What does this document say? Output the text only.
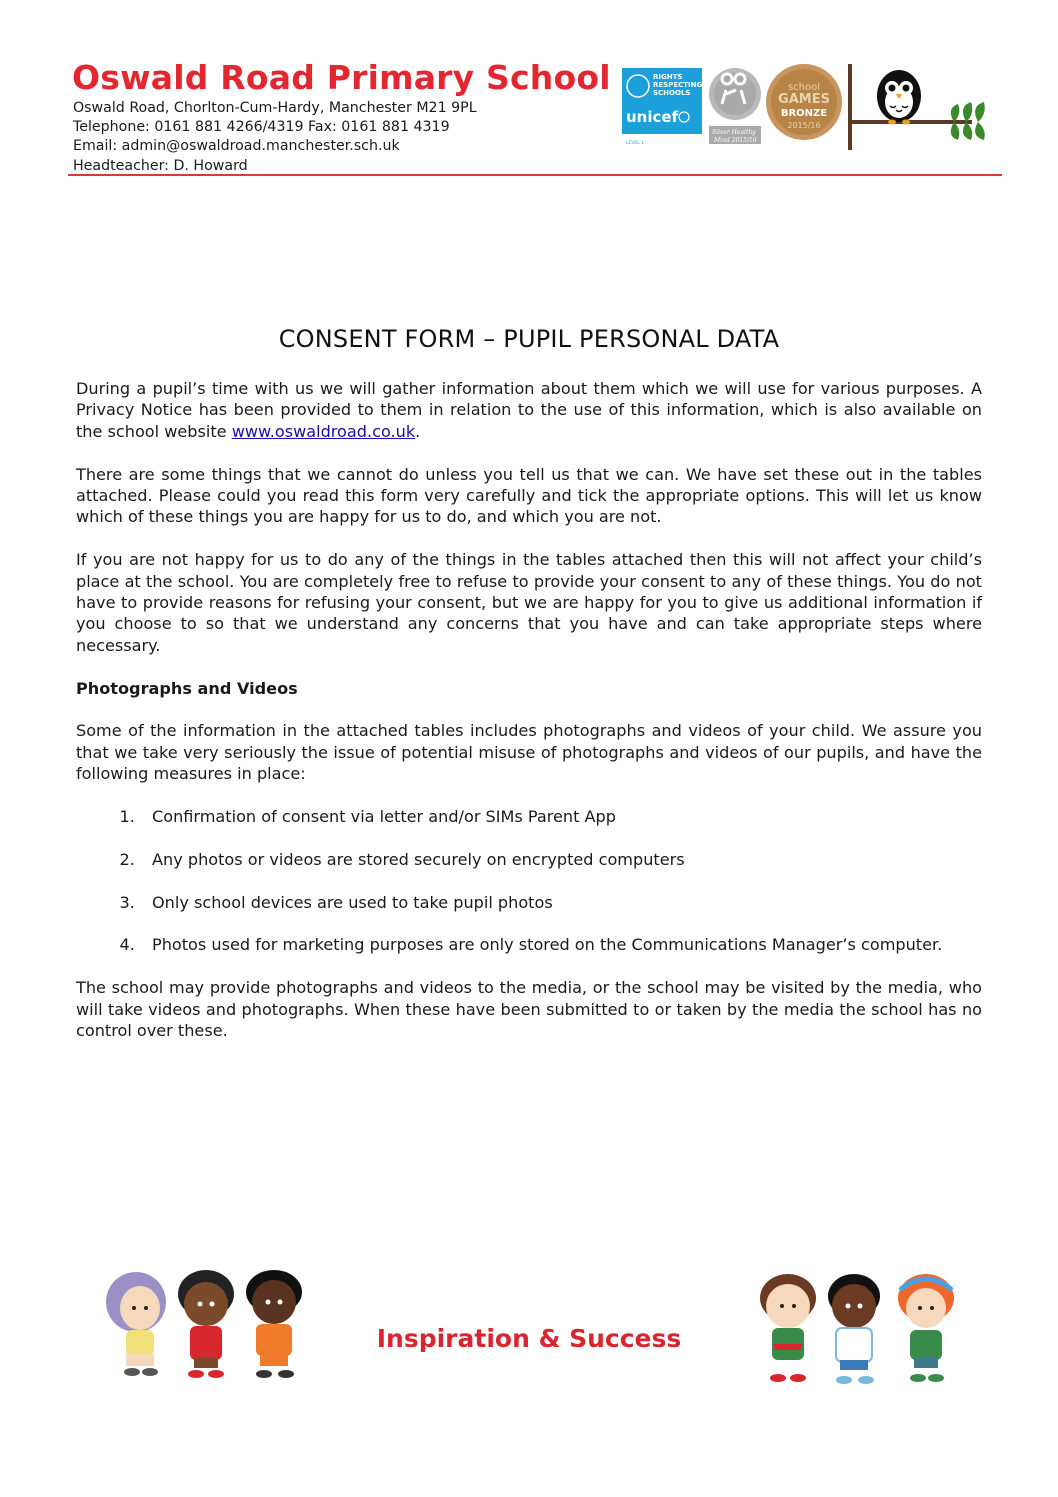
Oswald Road Primary School
Oswald Road, Chorlton-Cum-Hardy, Manchester M21 9PL
Telephone: 0161 881 4266/4319 Fax: 0161 881 4319
Email: admin@oswaldroad.manchester.sch.uk
Headteacher: D. Howard
RIGHTS
RESPECTING
SCHOOLS
unicef
LEVEL 1
Silver Healthy
Mind 2015/16
school
GAMES
BRONZE
2015/16
CONSENT FORM – PUPIL PERSONAL DATA

During a pupil’s time with us we will gather information about them which we will use for various purposes. A Privacy Notice has been provided to them in relation to the use of this information, which is also available on the school website www.oswaldroad.co.uk.

There are some things that we cannot do unless you tell us that we can. We have set these out in the tables attached. Please could you read this form very carefully and tick the appropriate options. This will let us know which of these things you are happy for us to do, and which you are not.

If you are not happy for us to do any of the things in the tables attached then this will not affect your child’s place at the school. You are completely free to refuse to provide your consent to any of these things. You do not have to provide reasons for refusing your consent, but we are happy for you to give us additional information if you choose to so that we understand any concerns that you have and can take appropriate steps where necessary.

Photographs and Videos

Some of the information in the attached tables includes photographs and videos of your child. We assure you that we take very seriously the issue of potential misuse of photographs and videos of our pupils, and have the following measures in place:

1. Confirmation of consent via letter and/or SIMs Parent App
2. Any photos or videos are stored securely on encrypted computers
3. Only school devices are used to take pupil photos
4. Photos used for marketing purposes are only stored on the Communications Manager’s computer.

The school may provide photographs and videos to the media, or the school may be visited by the media, who will take videos and photographs. When these have been submitted to or taken by the media the school has no control over these.

Inspiration & Success
